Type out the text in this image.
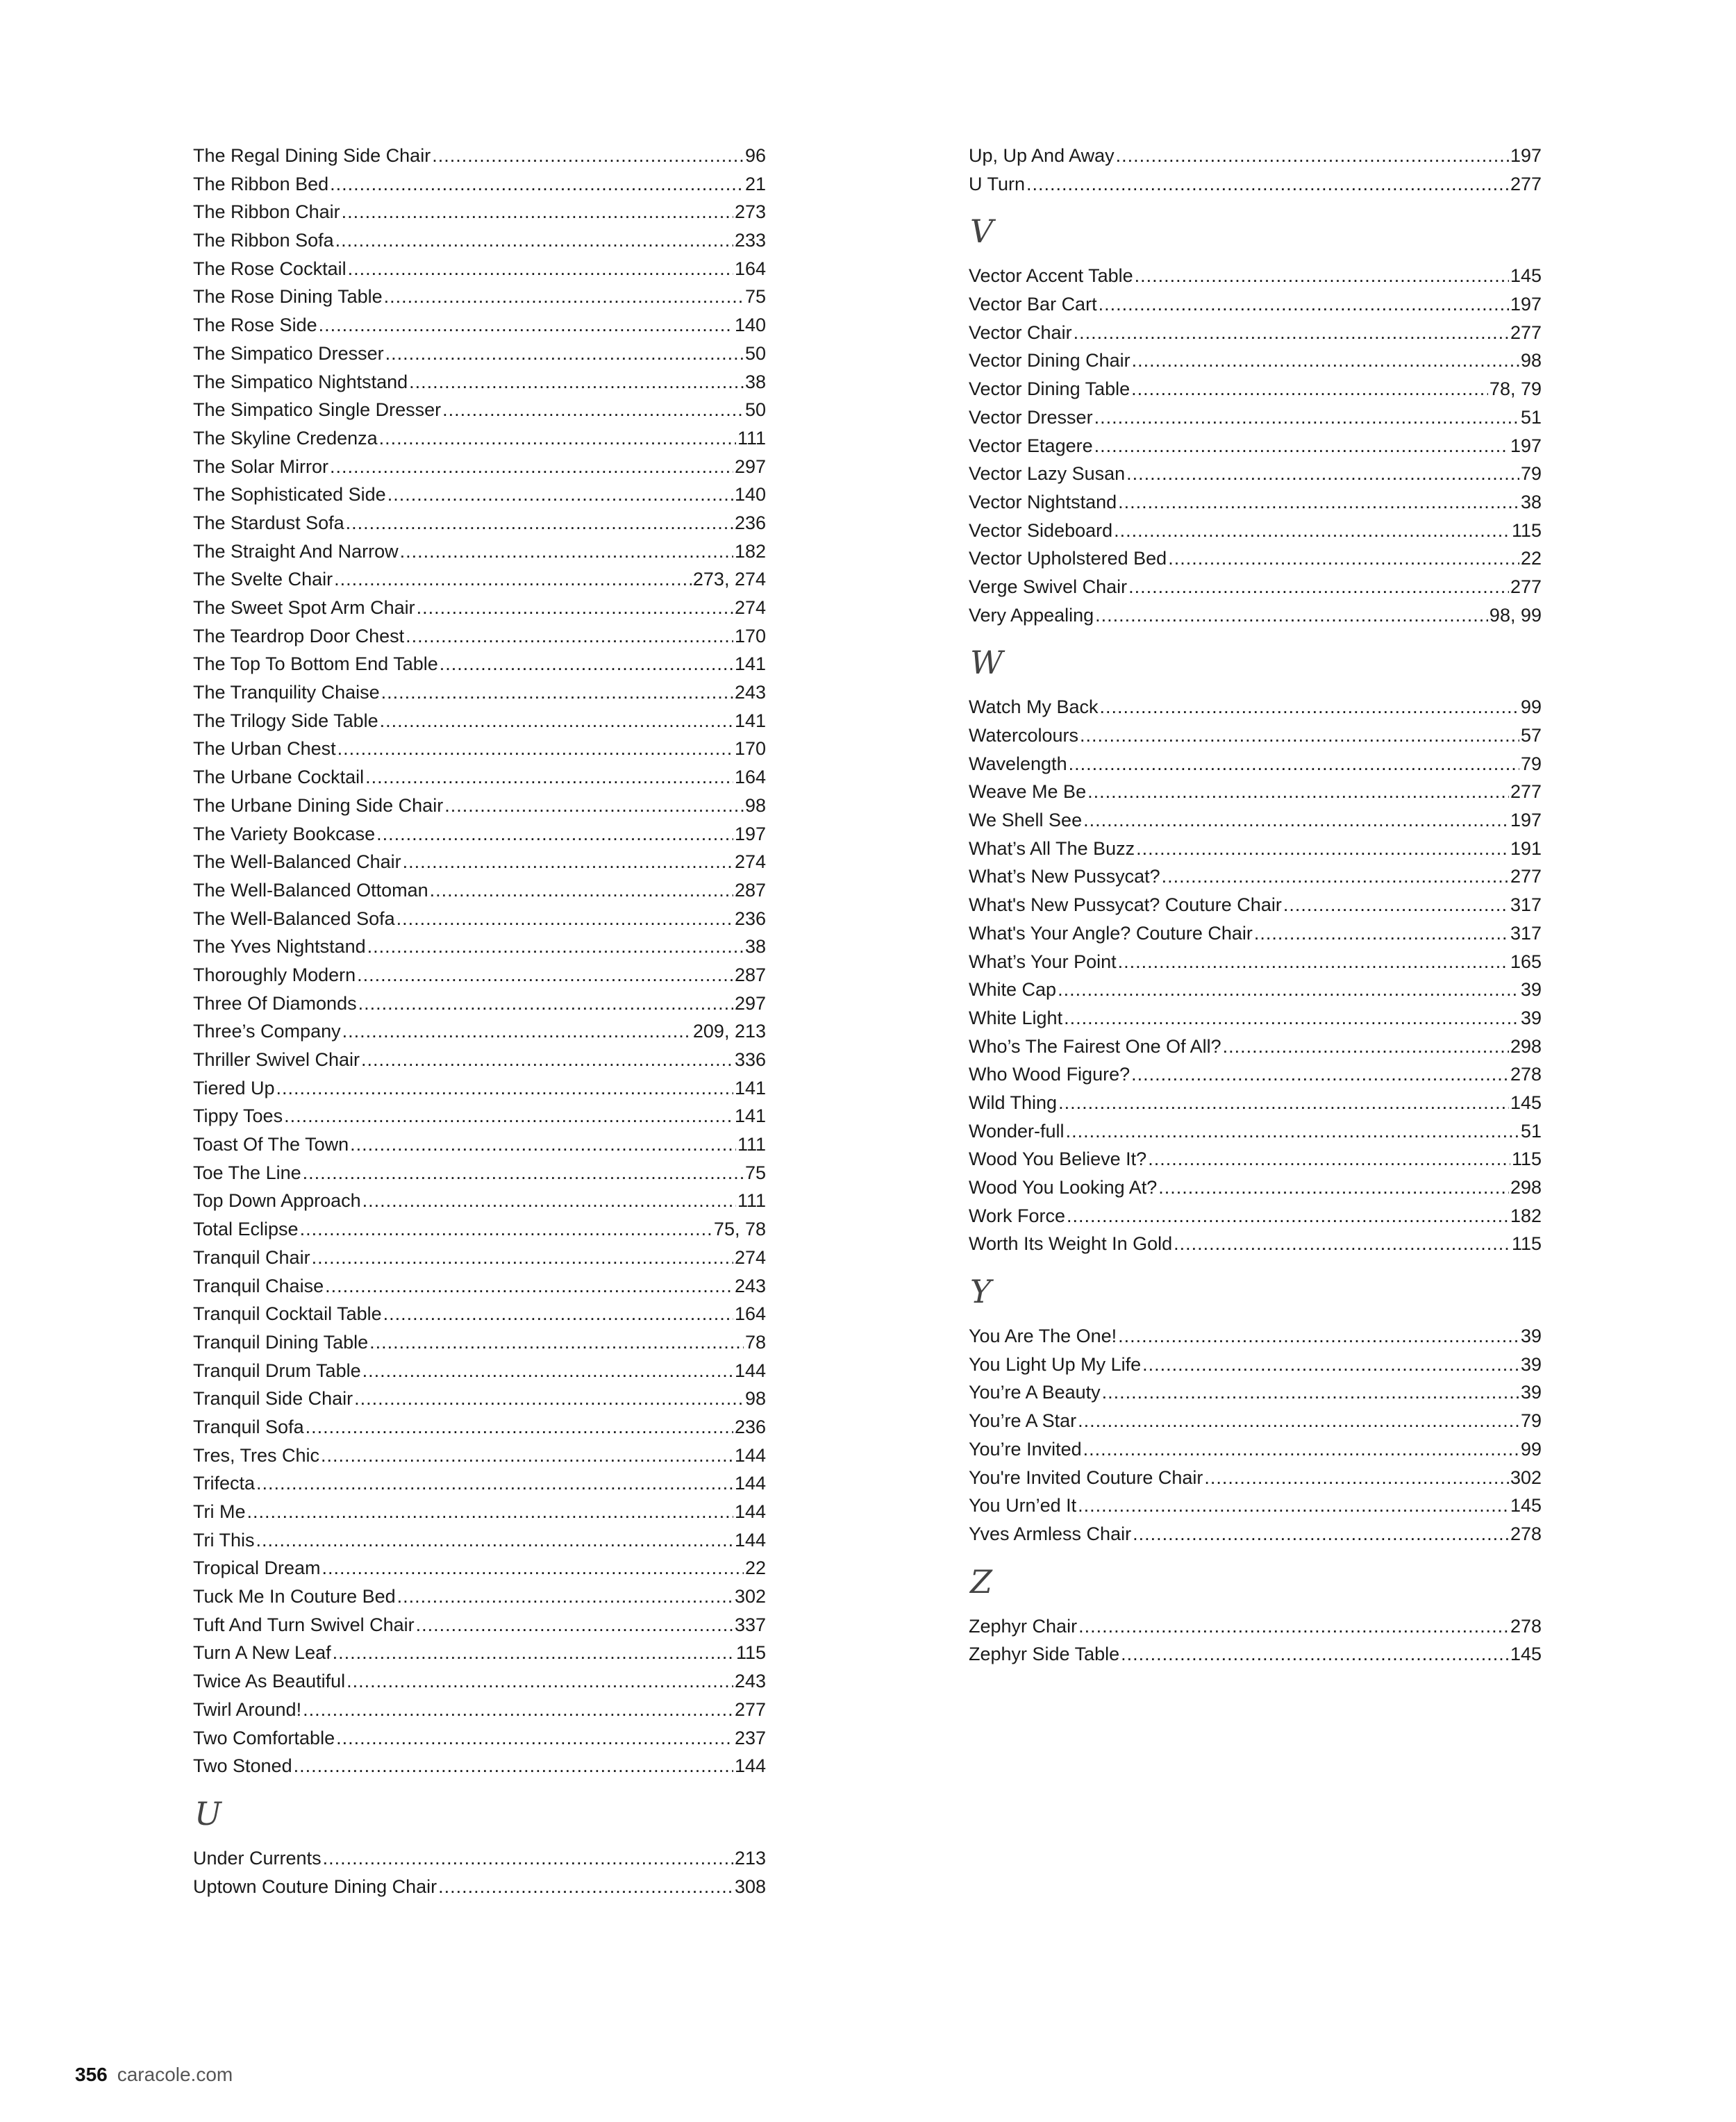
The Regal Dining Side Chair .....	96
The Ribbon Bed .....	21
The Ribbon Chair .....	273
The Ribbon Sofa .....	233
The Rose Cocktail .....	164
The Rose Dining Table .....	75
The Rose Side .....	140
The Simpatico Dresser .....	50
The Simpatico Nightstand .....	38
The Simpatico Single Dresser .....	50
The Skyline Credenza .....	111
The Solar Mirror .....	297
The Sophisticated Side .....	140
The Stardust Sofa .....	236
The Straight And Narrow .....	182
The Svelte Chair .....	273, 274
The Sweet Spot Arm Chair .....	274
The Teardrop Door Chest .....	170
The Top To Bottom End Table .....	141
The Tranquility Chaise .....	243
The Trilogy Side Table .....	141
The Urban Chest .....	170
The Urbane Cocktail .....	164
The Urbane Dining Side Chair .....	98
The Variety Bookcase .....	197
The Well-Balanced Chair .....	274
The Well-Balanced Ottoman .....	287
The Well-Balanced Sofa .....	236
The Yves Nightstand .....	38
Thoroughly Modern .....	287
Three Of Diamonds .....	297
Three’s Company .....	209, 213
Thriller Swivel Chair .....	336
Tiered Up .....	141
Tippy Toes .....	141
Toast Of The Town .....	111
Toe The Line .....	75
Top Down Approach .....	111
Total Eclipse .....	75, 78
Tranquil Chair .....	274
Tranquil Chaise .....	243
Tranquil Cocktail Table .....	164
Tranquil Dining Table .....	78
Tranquil Drum Table .....	144
Tranquil Side Chair .....	98
Tranquil Sofa .....	236
Tres, Tres Chic .....	144
Trifecta .....	144
Tri Me .....	144
Tri This .....	144
Tropical Dream .....	22
Tuck Me In Couture Bed .....	302
Tuft And Turn Swivel Chair .....	337
Turn A New Leaf .....	115
Twice As Beautiful .....	243
Twirl Around! .....	277
Two Comfortable .....	237
Two Stoned .....	144
U
Under Currents .....	213
Uptown Couture Dining Chair .....	308
Up, Up And Away .....	197
U Turn .....	277
V
Vector Accent Table .....	145
Vector Bar Cart .....	197
Vector Chair .....	277
Vector Dining Chair .....	98
Vector Dining Table .....	78, 79
Vector Dresser .....	51
Vector Etagere .....	197
Vector Lazy Susan .....	79
Vector Nightstand .....	38
Vector Sideboard .....	115
Vector Upholstered Bed .....	22
Verge Swivel Chair .....	277
Very Appealing .....	98, 99
W
Watch My Back .....	99
Watercolours .....	57
Wavelength .....	79
Weave Me Be .....	277
We Shell See .....	197
What’s All The Buzz .....	191
What’s New Pussycat? .....	277
What's New Pussycat? Couture Chair .....	317
What's Your Angle? Couture Chair .....	317
What’s Your Point .....	165
White Cap .....	39
White Light .....	39
Who’s The Fairest One Of All? .....	298
Who Wood Figure? .....	278
Wild Thing .....	145
Wonder-full .....	51
Wood You Believe It? .....	115
Wood You Looking At? .....	298
Work Force .....	182
Worth Its Weight In Gold .....	115
Y
You Are The One! .....	39
You Light Up My Life .....	39
You’re A Beauty .....	39
You’re A Star .....	79
You’re Invited .....	99
You're Invited Couture Chair .....	302
You Urn’ed It .....	145
Yves Armless Chair .....	278
Z
Zephyr Chair .....	278
Zephyr Side Table .....	145
356 caracole.com
